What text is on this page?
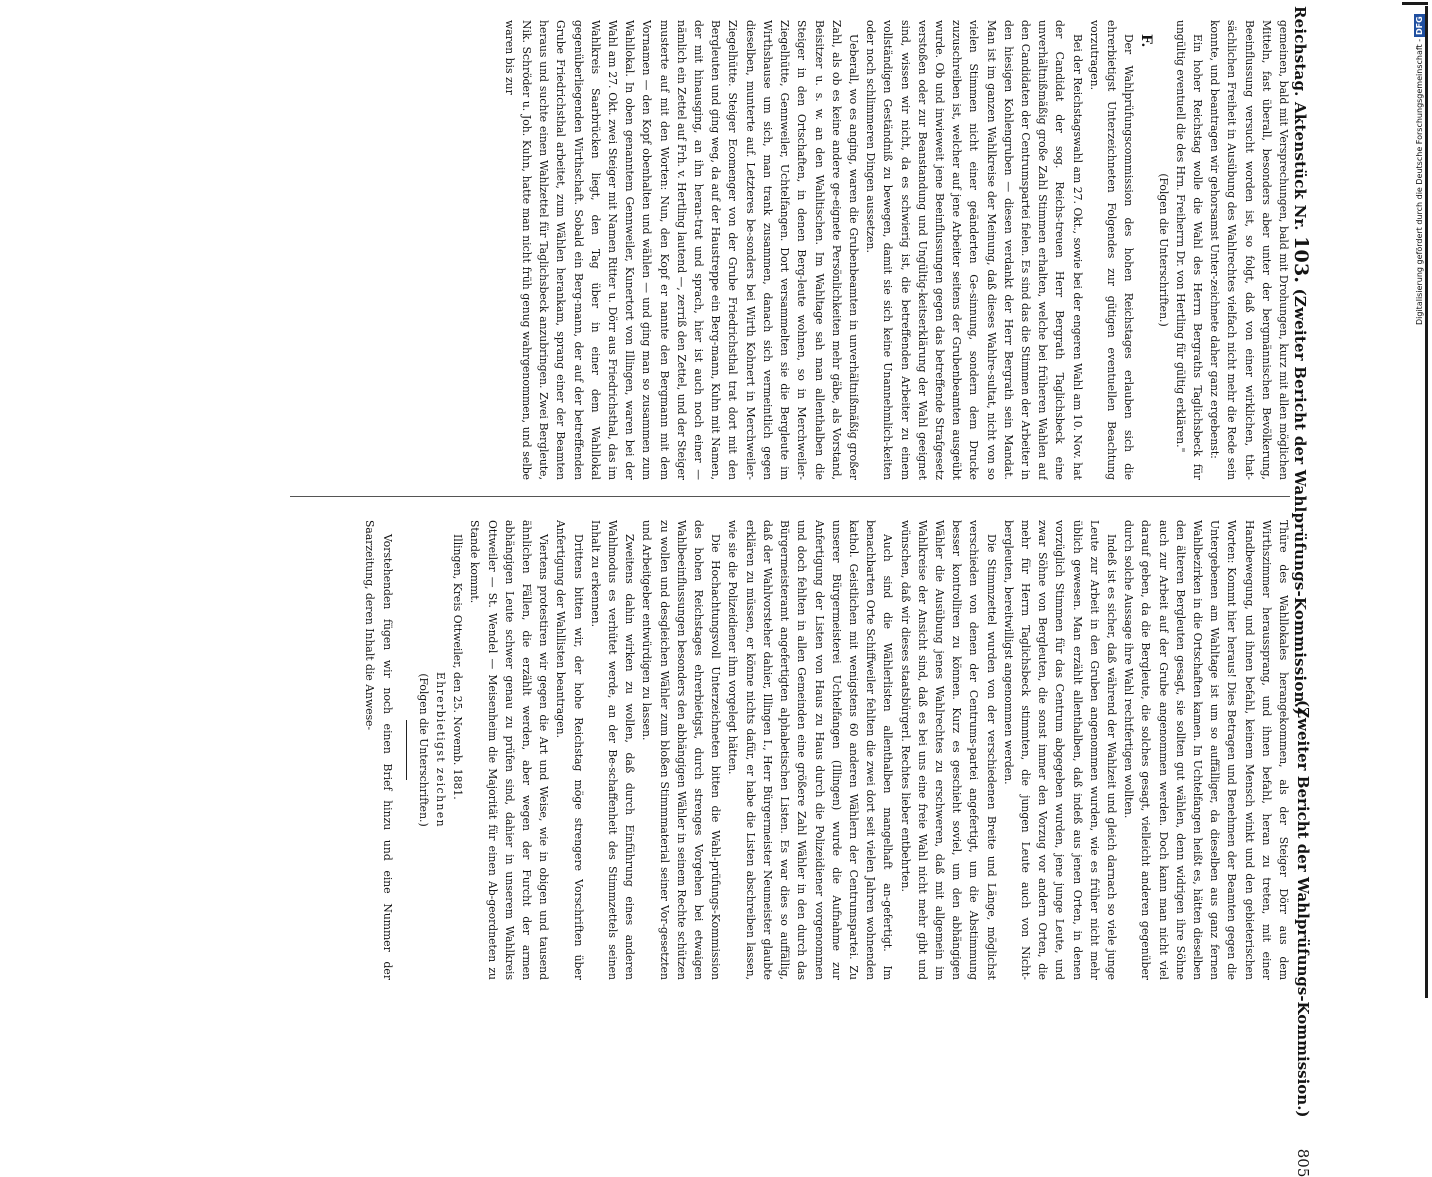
Reichstag. Aktenstück Nr. 103. (Zweiter Bericht der Wahlprüfungs-Kommission.)
(Zweiter Bericht der Wahlprüfungs-Kommission.) 805

gemeinen, bald mit Versprechungen, bald mit Drohungen, kurz mit allen möglichen Mitteln, fast überall, besonders aber unter der bergmännischen Bevölkerung, Beeinflussung versucht worden ist, so folgt, daß von einer wirklichen, that-sächlichen Freiheit in Ausübung des Wahlrechtes vielfach nicht mehr die Rede sein konnte, und beantragen wir gehorsamst Unter-zeichnete daher ganz ergebenst:

Ein hoher Reichstag wolle die Wahl des Herrn Bergraths Taglichsbeck für ungültig eventuell die des Hrn. Freiherrn Dr. von Hertling für gültig erklären."

(Folgen die Unterschriften.)

F.

Der Wahlprüfungscommission des hohen Reichstages erlauben sich die ehrerbietigst Unterzeichneten Folgendes zur gütigen eventuellen Beachtung vorzutragen.

Bei der Reichstagswahl am 27. Okt., sowie bei der engeren Wahl am 10. Nov. hat der Candidat der sog. Reichs-treuen Herr Bergrath Taglichsbeck eine unverhältnißmäßig große Zahl Stimmen erhalten, welche bei früheren Wahlen auf den Candidaten der Centrumspartei fielen. Es sind das die Stimmen der Arbeiter in den hiesigen Kohlengruben — diesen verdankt der Herr Bergrath sein Mandat. Man ist im ganzen Wahlkreise der Meinung, daß dieses Wahlre-sultat, nicht von so vielen Stimmen nicht einer geänderten Ge-sinnung, sondern dem Drucke zuzuschreiben ist, welcher auf jene Arbeiter seitens der Grubenbeamten ausgeübt wurde. Ob und inwieweit jene Beeinflussungen gegen das betreffende Strafgesetz verstoßen oder zur Beanstandung und Ungültig-keitserklärung der Wahl geeignet sind, wissen wir nicht, da es schwierig ist, die betreffenden Arbeiter zu einem vollständigen Geständniß zu bewegen, damit sie sich keine Unannehmlich-keiten oder noch schlimmeren Dingen aussetzen.

Ueberall, wo es anging, waren die Grubenbeamten in unverhältnißmäßig großer Zahl, als ob es keine andere ge-eignete Persönlichkeiten mehr gäbe, als Vorstand, Beisitzer u. s. w. an den Wahltischen. Im Wahltage sah man allenthalben die Steiger in den Ortschaften, in denen Berg-leute wohnen, so in Merchweiler-Ziegelhütte, Gennweiler, Uchtelfangen. Dort versammelten sie die Bergleute im Wirthshause um sich, man trank zusammen, danach sich vermeintlich gegen dieselben, munterte auf. Letzteres be-sonders bei Wirth Kohnert in Merchweiler-Ziegelhütte. Steiger Ecomenger von der Grube Friedrichsthal trat dort mit den Bergleuten und ging weg, da auf der Haustreppe ein Berg-mann, Kuhn mit Namen, der mit hinausging, an ihn heran-trat und sprach, hier ist auch noch einer — nämlich ein Zettel auf Frh. v. Hertling lautend —, zerriß den Zettel, und der Steiger musterte auf mit den Worten: Nun, den Kopf er nannte den Bergmann mit dem Vornamen — den Kopf obenhalten und wählen — und ging man so zusammen zum Wahllokal. In oben genanntem Gennweiler, Kunertort von Illingen, waren bei der Wahl am 27. Okt. zwei Steiger mit Namen Ritter u. Dörr aus Friedrichsthal, das im Wahlkreis Saarbrücken liegt, den Tag über in einer dem Wahllokal gegenüberliegenden Wirthschaft. Sobald ein Berg-mann, der auf der betreffenden Grube Friedrichsthal arbeitet, zum Wählen herankam, sprang einer der Beamten heraus und suchte einen Wahlzettel für Taglichsbeck anzubringen. Zwei Bergleute, Nik. Schröder u. Joh. Kuhn, hatte man nicht früh genug wahrgenommen, und selbe waren bis zur

Thüre des Wahllokales herangekommen, als der Steiger Dörr aus dem Wirthszimmer heraussprang, und ihnen befahl, heran zu treten, mit einer Handbewegung, und ihnen befahl, keinem Mensch winkt und den gebieterischen Worten: Kommt hier heraus! Dies Betragen und Benehmen der Beamten gegen die Untergebenen am Wahltage ist um so auffälliger, da dieselben aus ganz fernen Wahlbezirken in die Ortschaften kamen. In Uchtelfangen heißt es, hätten dieselben den älteren Bergleuten gesagt, sie sollten gut wählen, denn widrigen ihre Söhne auch zur Arbeit auf der Grube angenommen werden. Doch kann man nicht viel darauf geben, da die Bergleute, die solches gesagt, vielleicht anderen gegenüber durch solche Aussage ihre Wahl rechtfertigen wollten.

Indeß ist es sicher, daß während der Wahlzeit und gleich darnach so viele junge Leute zur Arbeit in den Gruben angenommen wurden, wie es früher nicht mehr üblich gewesen. Man erzählt allenthalben, daß indeß aus jenen Orten, in denen vorzüglich Stimmen für das Centrum abgegeben wurden, jene junge Leute, und zwar Söhne von Bergleuten, die sonst immer den Vorzug vor andern Orten, die mehr für Herrn Taglichsbeck stimmten, die jungen Leute auch von Nicht-bergleuten, bereitwilligst angenommen werden.

Die Stimmzettel wurden von der verschiedenen Breite und Länge, möglichst verschieden von denen der Centrums-partei angefertigt, um die Abstimmung besser kontrolliren zu können. Kurz es geschieht soviel, um den abhängigen Wähler die Ausübung jenes Wahlrechtes zu erschweren, daß mit allgemein im Wahlkreise der Ansicht sind, daß es bei uns eine freie Wahl nicht mehr gibt und wünschen, daß wir dieses staatsbürgerl. Rechtes lieber entbehrten.

Auch sind die Wählerlisten allenthalben mangelhaft an-gefertigt. Im benachbarten Orte Schiffweiler fehlten die zwei dort seit vielen Jahren wohnenden kathol. Geistlichen mit wenigstens 60 anderen Wählern der Centrumspartei. Zu unserer Bürgermeisterei Uchtelfangen (Illingen) wurde die Aufnahme zur Anfertigung der Listen von Haus zu Haus durch die Polizeidiener vorgenommen und doch fehlten in allen Gemeinden eine größere Zahl Wähler in den durch das Bürgermeisteramt angefertigten alphabetischen Listen. Es war dies so auffällig, daß der Wahlvorsteher dahier, Illingen I., Herr Bürgermeister Neumeister glaubte erklären zu müssen, er könne nichts dafür, er habe die Listen abschreiben lassen, wie sie die Polizeidiener ihm vorgelegt hätten.

Die Hochachtungsvoll Unterzeichneten bitten die Wahl-prüfungs-Kommission des hohen Reichstages ehrerbietigst, durch strenges Vorgehen bei etwaigen Wahlbeeinflussungen besonders den abhängigen Wähler in seinem Rechte schützen zu wollen und desgleichen Wähler zum bloßen Stimmmaterial seiner Vor-gesetzten und Arbeitgeber entwürdigen zu lassen.

Zweitens dahin wirken zu wollen, daß durch Einführung eines anderen Wahlmodus es verhütet werde, an der Be-schaffenheit des Stimmzettels seinen Inhalt zu erkennen.

Drittens bitten wir, der hohe Reichstag möge strengere Vorschriften über Anfertigung der Wahllisten beantragen.

Viertens protestiren wir gegen die Art und Weise, wie in obigen und tausend ähnlichen Fällen, die erzählt werden, aber wegen der Furcht der armen abhängigen Leute schwer genau zu prüfen sind, dahier in unserem Wahlkreis Ottweiler — St. Wendel — Meisenheim die Majorität für einen Ab-geordneten zu Stande kommt.

Illingen, Kreis Ottweiler, den 25. Novemb. 1881.

Ehrerbietigst zeichnen

(Folgen die Unterschriften.)

Vorstehenden fügen wir noch einen Brief hinzu und eine Nummer der Saarzeitung, deren Inhalt die Anwese-

Digitalisierung gefördert durch die Deutsche Forschungsgemeinschaft - DFG
